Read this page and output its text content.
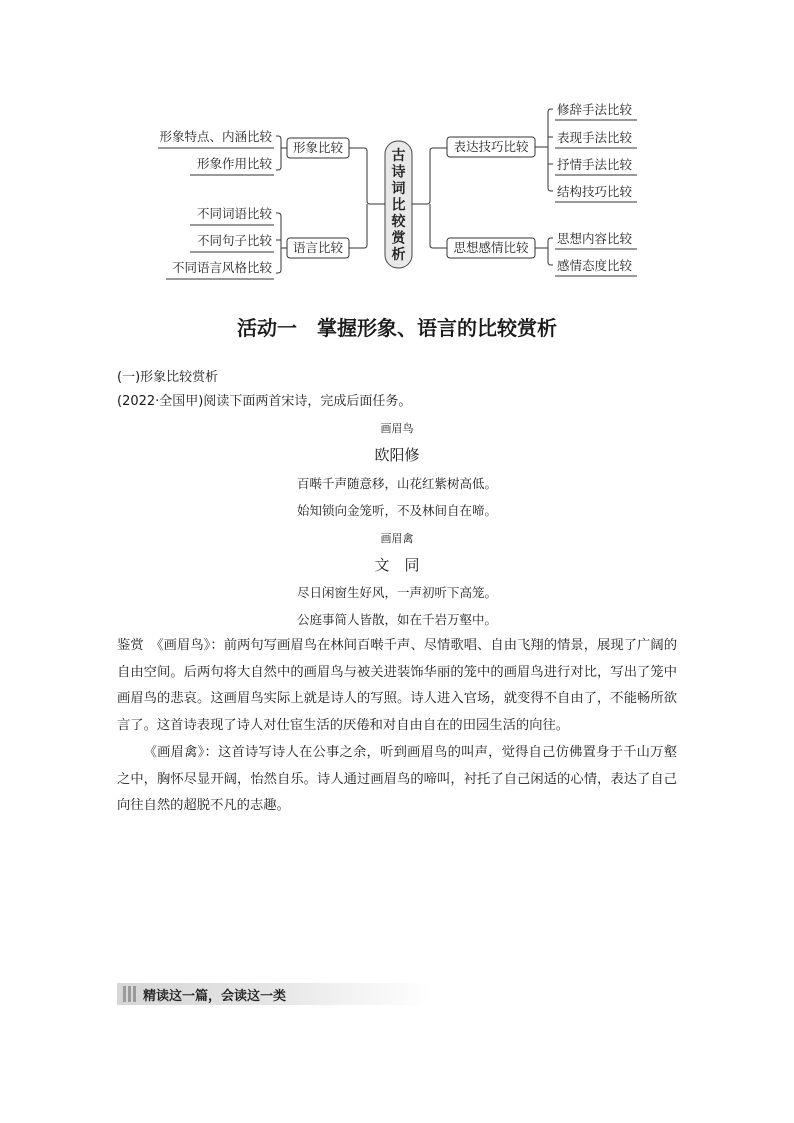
古
诗
词
比
较
赏
析
形象比较
语言比较
表达技巧比较
思想感情比较
形象特点、内涵比较
形象作用比较
不同词语比较
不同句子比较
不同语言风格比较
修辞手法比较
表现手法比较
抒情手法比较
结构技巧比较
思想内容比较
感情态度比较
活动一　掌握形象、语言的比较赏析
(一)形象比较赏析
(2022·全国甲)阅读下面两首宋诗，完成后面任务。
画眉鸟
欧阳修
百啭千声随意移，山花红紫树高低。
始知锁向金笼听，不及林间自在啼。
画眉禽
文　同
尽日闲窗生好风，一声初听下高笼。
公庭事简人皆散，如在千岩万壑中。
鉴赏　《画眉鸟》：前两句写画眉鸟在林间百啭千声、尽情歌唱、自由飞翔的情景，展现了广阔的自由空间。后两句将大自然中的画眉鸟与被关进装饰华丽的笼中的画眉鸟进行对比，写出了笼中画眉鸟的悲哀。这画眉鸟实际上就是诗人的写照。诗人进入官场，就变得不自由了，不能畅所欲言了。这首诗表现了诗人对仕宦生活的厌倦和对自由自在的田园生活的向往。
《画眉禽》：这首诗写诗人在公事之余，听到画眉鸟的叫声，觉得自己仿佛置身于千山万壑之中，胸怀尽显开阔，怡然自乐。诗人通过画眉鸟的啼叫，衬托了自己闲适的心情，表达了自己向往自然的超脱不凡的志趣。
精读这一篇，会读这一类
